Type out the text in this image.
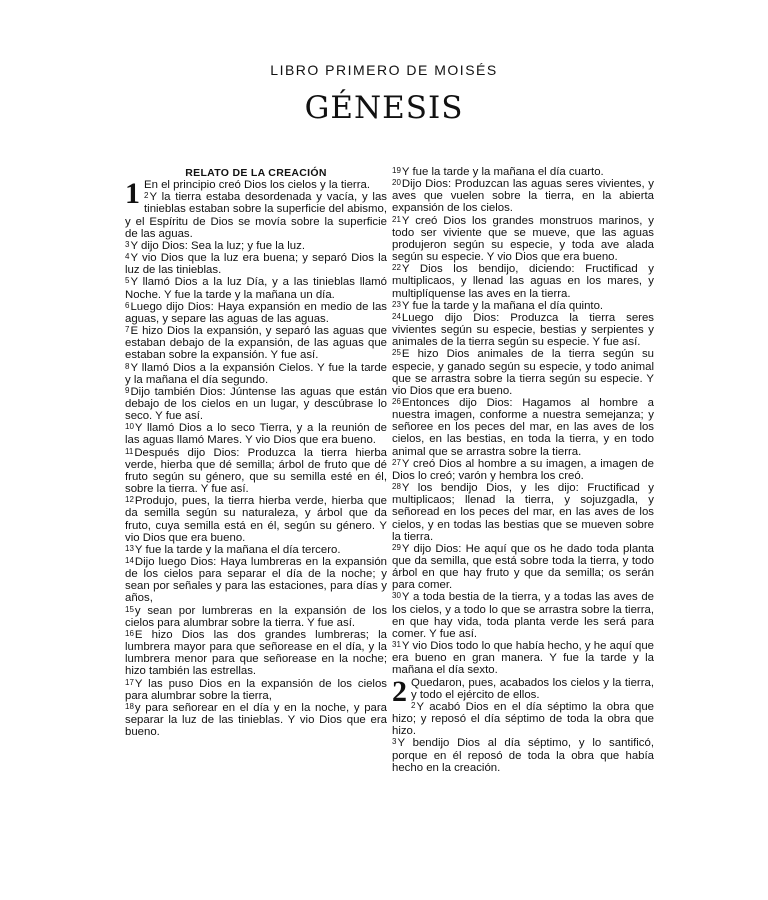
LIBRO PRIMERO DE MOISÉS
GÉNESIS
RELATO DE LA CREACIÓN
1 En el principio creó Dios los cielos y la tierra.
$^2$Y la tierra estaba desordenada y vacía, y las tinieblas estaban sobre la superficie del abismo, y el Espíritu de Dios se movía sobre la superficie de las aguas.
$^3$Y dijo Dios: Sea la luz; y fue la luz.
$^4$Y vio Dios que la luz era buena; y separó Dios la luz de las tinieblas.
$^5$Y llamó Dios a la luz Día, y a las tinieblas llamó Noche. Y fue la tarde y la mañana un día.
$^6$Luego dijo Dios: Haya expansión en medio de las aguas, y separe las aguas de las aguas.
$^7$E hizo Dios la expansión, y separó las aguas que estaban debajo de la expansión, de las aguas que estaban sobre la expansión. Y fue así.
$^8$Y llamó Dios a la expansión Cielos. Y fue la tarde y la mañana el día segundo.
$^9$Dijo también Dios: Júntense las aguas que están debajo de los cielos en un lugar, y descúbrase lo seco. Y fue así.
$^{10}$Y llamó Dios a lo seco Tierra, y a la reunión de las aguas llamó Mares. Y vio Dios que era bueno.
$^{11}$Después dijo Dios: Produzca la tierra hierba verde, hierba que dé semilla; árbol de fruto que dé fruto según su género, que su semilla esté en él, sobre la tierra. Y fue así.
$^{12}$Produjo, pues, la tierra hierba verde, hierba que da semilla según su naturaleza, y árbol que da fruto, cuya semilla está en él, según su género. Y vio Dios que era bueno.
$^{13}$Y fue la tarde y la mañana el día tercero.
$^{14}$Dijo luego Dios: Haya lumbreras en la expansión de los cielos para separar el día de la noche; y sean por señales y para las estaciones, para días y años,
$^{15}$y sean por lumbreras en la expansión de los cielos para alumbrar sobre la tierra. Y fue así.
$^{16}$E hizo Dios las dos grandes lumbreras; la lumbrera mayor para que señorease en el día, y la lumbrera menor para que señorease en la noche; hizo también las estrellas.
$^{17}$Y las puso Dios en la expansión de los cielos para alumbrar sobre la tierra,
$^{18}$y para señorear en el día y en la noche, y para separar la luz de las tinieblas. Y vio Dios que era bueno.
$^{19}$Y fue la tarde y la mañana el día cuarto.
$^{20}$Dijo Dios: Produzcan las aguas seres vivientes, y aves que vuelen sobre la tierra, en la abierta expansión de los cielos.
$^{21}$Y creó Dios los grandes monstruos marinos, y todo ser viviente que se mueve, que las aguas produjeron según su especie, y toda ave alada según su especie. Y vio Dios que era bueno.
$^{22}$Y Dios los bendijo, diciendo: Fructificad y multiplicaos, y llenad las aguas en los mares, y multiplíquense las aves en la tierra.
$^{23}$Y fue la tarde y la mañana el día quinto.
$^{24}$Luego dijo Dios: Produzca la tierra seres vivientes según su especie, bestias y serpientes y animales de la tierra según su especie. Y fue así.
$^{25}$E hizo Dios animales de la tierra según su especie, y ganado según su especie, y todo animal que se arrastra sobre la tierra según su especie. Y vio Dios que era bueno.
$^{26}$Entonces dijo Dios: Hagamos al hombre a nuestra imagen, conforme a nuestra semejanza; y señoree en los peces del mar, en las aves de los cielos, en las bestias, en toda la tierra, y en todo animal que se arrastra sobre la tierra.
$^{27}$Y creó Dios al hombre a su imagen, a imagen de Dios lo creó; varón y hembra los creó.
$^{28}$Y los bendijo Dios, y les dijo: Fructificad y multiplicaos; llenad la tierra, y sojuzgadla, y señoread en los peces del mar, en las aves de los cielos, y en todas las bestias que se mueven sobre la tierra.
$^{29}$Y dijo Dios: He aquí que os he dado toda planta que da semilla, que está sobre toda la tierra, y todo árbol en que hay fruto y que da semilla; os serán para comer.
$^{30}$Y a toda bestia de la tierra, y a todas las aves de los cielos, y a todo lo que se arrastra sobre la tierra, en que hay vida, toda planta verde les será para comer. Y fue así.
$^{31}$Y vio Dios todo lo que había hecho, y he aquí que era bueno en gran manera. Y fue la tarde y la mañana el día sexto.
2 Quedaron, pues, acabados los cielos y la tierra, y todo el ejército de ellos.
$^2$Y acabó Dios en el día séptimo la obra que hizo; y reposó el día séptimo de toda la obra que hizo.
$^3$Y bendijo Dios al día séptimo, y lo santificó, porque en él reposó de toda la obra que había hecho en la creación.
